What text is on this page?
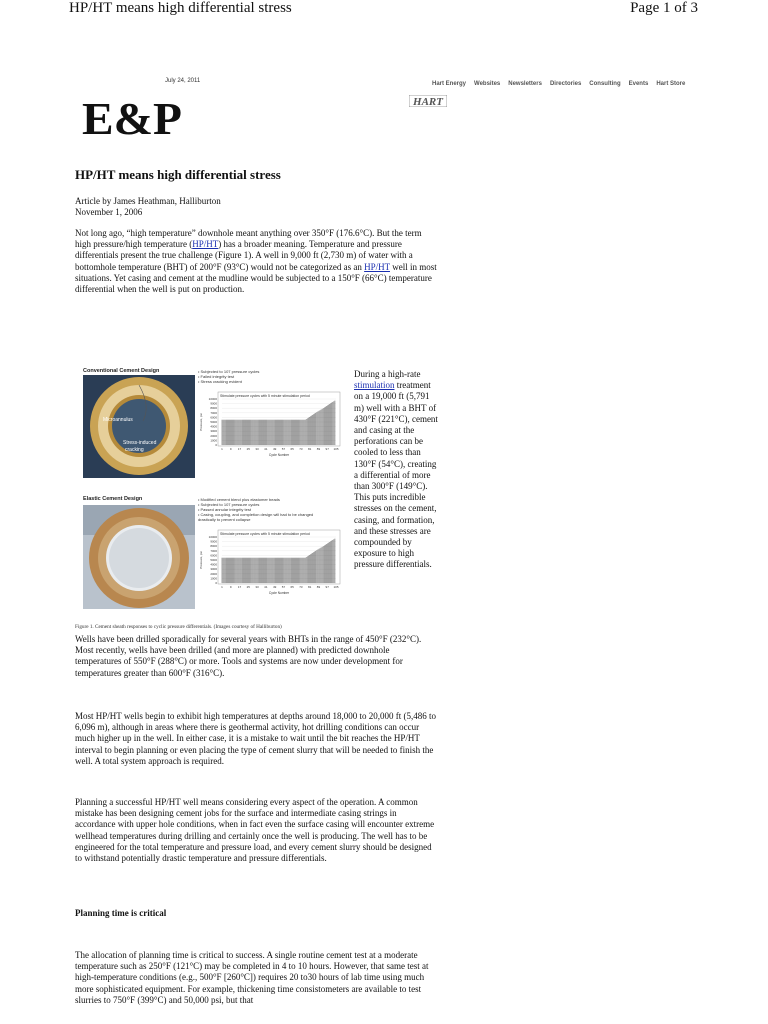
HP/HT means high differential stress	Page 1 of 3
July 24, 2011	Hart Energy Websites Newsletters Directories Consulting Events Hart Store
E&P	HART
HP/HT means high differential stress
Article by James Heathman, Halliburton
November 1, 2006
Not long ago, “high temperature” downhole meant anything over 350°F (176.6°C). But the term high pressure/high temperature (HP/HT) has a broader meaning. Temperature and pressure differentials present the true challenge (Figure 1). A well in 9,000 ft (2,730 m) of water with a bottomhole temperature (BHT) of 200°F (93°C) would not be categorized as an HP/HT well in most situations. Yet casing and cement at the mudline would be subjected to a 150°F (66°C) temperature differential when the well is put on production.
Conventional Cement Design
Microannulus
Stress-induced
cracking
• Subjected to 107 pressure cycles
• Failed integrity test
• Stress cracking evident
Stimulate pressure cycles with 5 minute stimulation period
10000
9000
8000
7000
6000
5000
4000
3000
2000
1000
0
Pressure, psi
1 9 17 25 33 41 49 57 65 73 81 89 97 105
Cycle Number
Elastic Cement Design	• Modified cement blend plus elastomer beads
• Subjected to 107 pressure cycles
• Passed annular integrity test
• Casing, coupling, and completion design will had to be changed
drastically to prevent collapse
Stimulate pressure cycles with 5 minute stimulation period
10000
9000
8000
7000
6000
5000
4000
3000
2000
1000
0
Pressure, psi
1 9 17 25 33 41 49 57 65 73 81 89 97 105
Cycle Number
During a high-rate stimulation treatment on a 19,000 ft (5,791 m) well with a BHT of 430°F (221°C), cement and casing at the perforations can be cooled to less than 130°F (54°C), creating a differential of more than 300°F (149°C). This puts incredible stresses on the cement, casing, and formation, and these stresses are compounded by exposure to high pressure differentials.
Figure 1. Cement sheath responses to cyclic pressure differentials. (Images courtesy of Halliburton)
Wells have been drilled sporadically for several years with BHTs in the range of 450°F (232°C). Most recently, wells have been drilled (and more are planned) with predicted downhole temperatures of 550°F (288°C) or more. Tools and systems are now under development for temperatures greater than 600°F (316°C).
Most HP/HT wells begin to exhibit high temperatures at depths around 18,000 to 20,000 ft (5,486 to 6,096 m), although in areas where there is geothermal activity, hot drilling conditions can occur much higher up in the well. In either case, it is a mistake to wait until the bit reaches the HP/HT interval to begin planning or even placing the type of cement slurry that will be needed to finish the well. A total system approach is required.
Planning a successful HP/HT well means considering every aspect of the operation. A common mistake has been designing cement jobs for the surface and intermediate casing strings in accordance with upper hole conditions, when in fact even the surface casing will encounter extreme wellhead temperatures during drilling and certainly once the well is producing. The well has to be engineered for the total temperature and pressure load, and every cement slurry should be designed to withstand potentially drastic temperature and pressure differentials.
Planning time is critical
The allocation of planning time is critical to success. A single routine cement test at a moderate temperature such as 250°F (121°C) may be completed in 4 to 10 hours. However, that same test at high-temperature conditions (e.g., 500°F [260°C]) requires 20 to30 hours of lab time using much more sophisticated equipment. For example, thickening time consistometers are available to test slurries to 750°F (399°C) and 50,000 psi, but that
